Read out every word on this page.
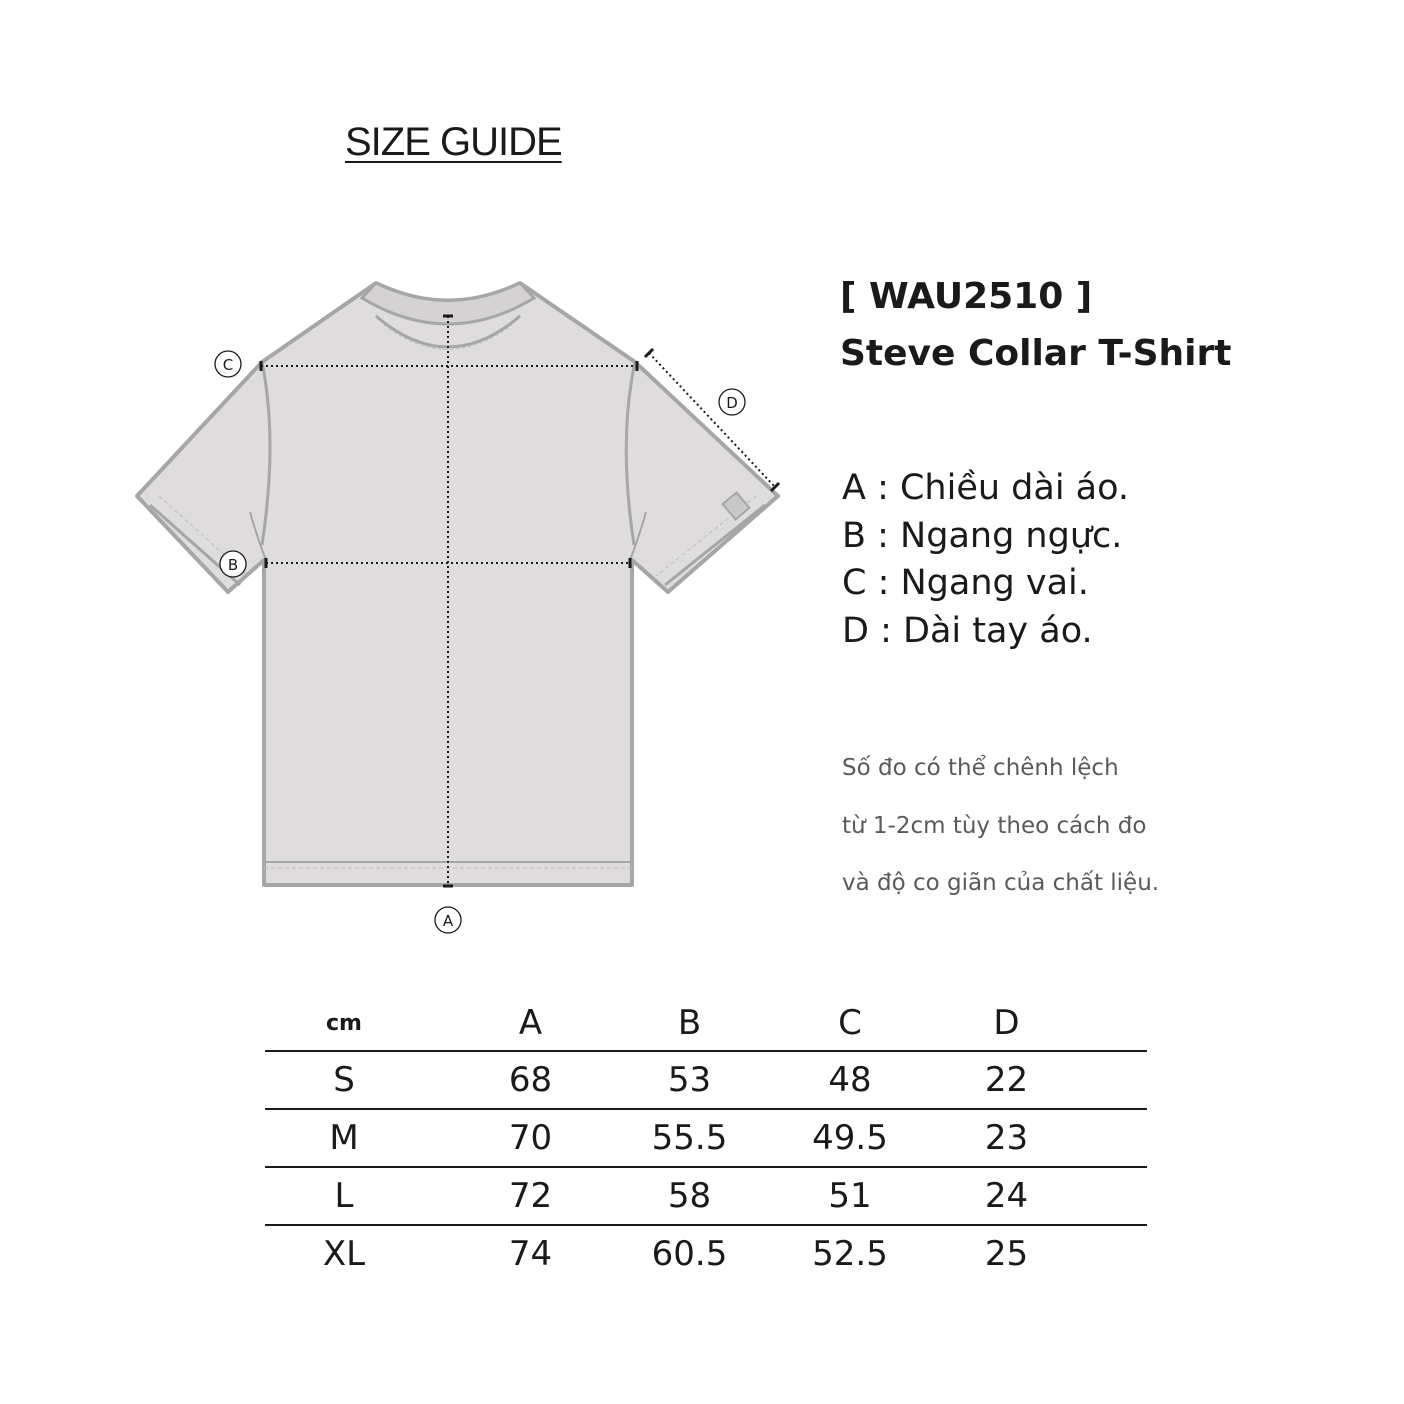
SIZE GUIDE
A
B
C
D
[ WAU2510 ]
Steve Collar T-Shirt
A : Chiều dài áo.
B : Ngang ngực.
C : Ngang vai.
D : Dài tay áo.
Số đo có thể chênh lệch
từ 1-2cm tùy theo cách đo
và độ co giãn của chất liệu.
cm	A	B	C	D	
S	68	53	48	22	
M	70	55.5	49.5	23	
L	72	58	51	24	
XL	74	60.5	52.5	25	
